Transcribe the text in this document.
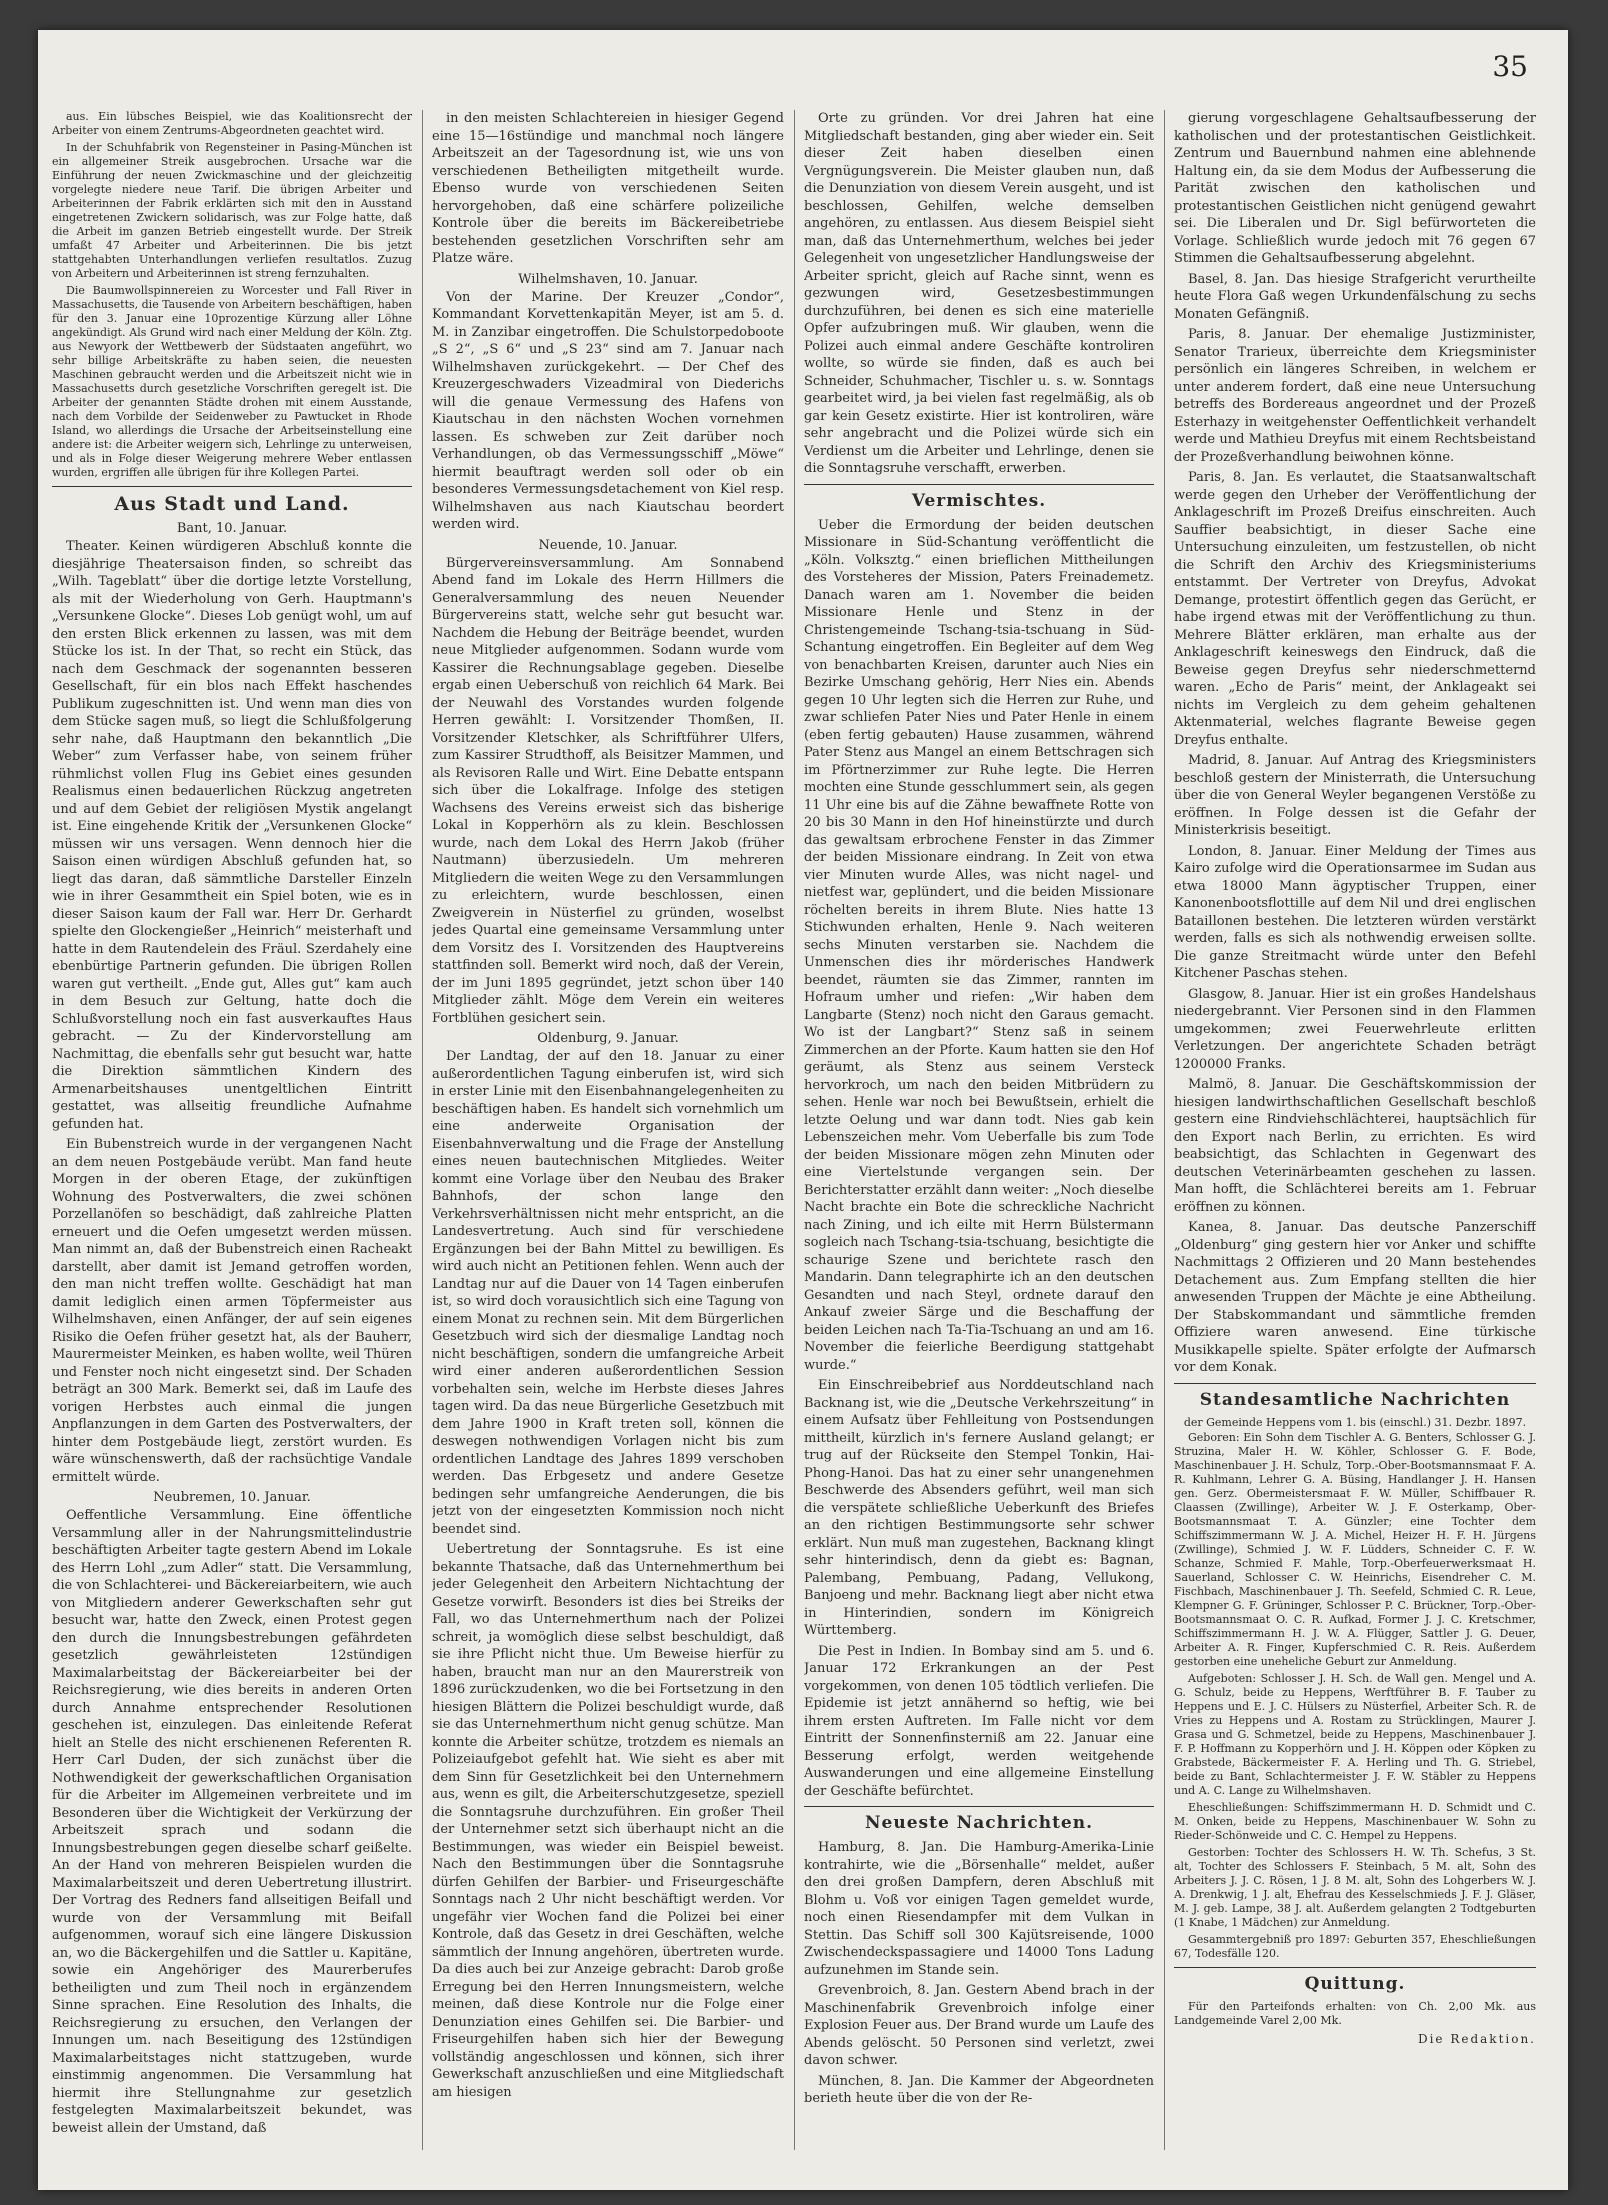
35

aus. Ein lübsches Beispiel, wie das Koalitionsrecht der Arbeiter von einem Zentrums-Abgeordneten geachtet wird.

In der Schuhfabrik von Regensteiner in Pasing-München ist ein allgemeiner Streik ausgebrochen. Ursache war die Einführung der neuen Zwickmaschine und der gleichzeitig vorgelegte niedere neue Tarif. Die übrigen Arbeiter und Arbeiterinnen der Fabrik erklärten sich mit den in Ausstand eingetretenen Zwickern solidarisch, was zur Folge hatte, daß die Arbeit im ganzen Betrieb eingestellt wurde. Der Streik umfaßt 47 Arbeiter und Arbeiterinnen. Die bis jetzt stattgehabten Unterhandlungen verliefen resultatlos. Zuzug von Arbeitern und Arbeiterinnen ist streng fernzuhalten.

Die Baumwollspinnereien zu Worcester und Fall River in Massachusetts, die Tausende von Arbeitern beschäftigen, haben für den 3. Januar eine 10prozentige Kürzung aller Löhne angekündigt. Als Grund wird nach einer Meldung der Köln. Ztg. aus Newyork der Wettbewerb der Südstaaten angeführt, wo sehr billige Arbeitskräfte zu haben seien, die neuesten Maschinen gebraucht werden und die Arbeitszeit nicht wie in Massachusetts durch gesetzliche Vorschriften geregelt ist. Die Arbeiter der genannten Städte drohen mit einem Ausstande, nach dem Vorbilde der Seidenweber zu Pawtucket in Rhode Island, wo allerdings die Ursache der Arbeitseinstellung eine andere ist: die Arbeiter weigern sich, Lehrlinge zu unterweisen, und als in Folge dieser Weigerung mehrere Weber entlassen wurden, ergriffen alle übrigen für ihre Kollegen Partei.

Aus Stadt und Land.
Bant, 10. Januar.

Theater. Keinen würdigeren Abschluß konnte die diesjährige Theatersaison finden, so schreibt das „Wilh. Tageblatt“ über die dortige letzte Vorstellung, als mit der Wiederholung von Gerh. Hauptmann's „Versunkene Glocke“. Dieses Lob genügt wohl, um auf den ersten Blick erkennen zu lassen, was mit dem Stücke los ist. In der That, so recht ein Stück, das nach dem Geschmack der sogenannten besseren Gesellschaft, für ein blos nach Effekt haschendes Publikum zugeschnitten ist. Und wenn man dies von dem Stücke sagen muß, so liegt die Schlußfolgerung sehr nahe, daß Hauptmann den bekanntlich „Die Weber“ zum Verfasser habe, von seinem früher rühmlichst vollen Flug ins Gebiet eines gesunden Realismus einen bedauerlichen Rückzug angetreten und auf dem Gebiet der religiösen Mystik angelangt ist. Eine eingehende Kritik der „Versunkenen Glocke“ müssen wir uns versagen. Wenn dennoch hier die Saison einen würdigen Abschluß gefunden hat, so liegt das daran, daß sämmtliche Darsteller Einzeln wie in ihrer Gesammtheit ein Spiel boten, wie es in dieser Saison kaum der Fall war. Herr Dr. Gerhardt spielte den Glockengießer „Heinrich“ meisterhaft und hatte in dem Rautendelein des Fräul. Szerdahely eine ebenbürtige Partnerin gefunden. Die übrigen Rollen waren gut vertheilt. „Ende gut, Alles gut“ kam auch in dem Besuch zur Geltung, hatte doch die Schlußvorstellung noch ein fast ausverkauftes Haus gebracht. — Zu der Kindervorstellung am Nachmittag, die ebenfalls sehr gut besucht war, hatte die Direktion sämmtlichen Kindern des Armenarbeitshauses unentgeltlichen Eintritt gestattet, was allseitig freundliche Aufnahme gefunden hat.

Ein Bubenstreich wurde in der vergangenen Nacht an dem neuen Postgebäude verübt. Man fand heute Morgen in der oberen Etage, der zukünftigen Wohnung des Postverwalters, die zwei schönen Porzellanöfen so beschädigt, daß zahlreiche Platten erneuert und die Oefen umgesetzt werden müssen. Man nimmt an, daß der Bubenstreich einen Racheakt darstellt, aber damit ist Jemand getroffen worden, den man nicht treffen wollte. Geschädigt hat man damit lediglich einen armen Töpfermeister aus Wilhelmshaven, einen Anfänger, der auf sein eigenes Risiko die Oefen früher gesetzt hat, als der Bauherr, Maurermeister Meinken, es haben wollte, weil Thüren und Fenster noch nicht eingesetzt sind. Der Schaden beträgt an 300 Mark. Bemerkt sei, daß im Laufe des vorigen Herbstes auch einmal die jungen Anpflanzungen in dem Garten des Postverwalters, der hinter dem Postgebäude liegt, zerstört wurden. Es wäre wünschenswerth, daß der rachsüchtige Vandale ermittelt würde.

Neubremen, 10. Januar.

Oeffentliche Versammlung. Eine öffentliche Versammlung aller in der Nahrungsmittelindustrie beschäftigten Arbeiter tagte gestern Abend im Lokale des Herrn Lohl „zum Adler“ statt. Die Versammlung, die von Schlachterei- und Bäckereiarbeitern, wie auch von Mitgliedern anderer Gewerkschaften sehr gut besucht war, hatte den Zweck, einen Protest gegen den durch die Innungsbestrebungen gefährdeten gesetzlich gewährleisteten 12stündigen Maximalarbeitstag der Bäckereiarbeiter bei der Reichsregierung, wie dies bereits in anderen Orten durch Annahme entsprechender Resolutionen geschehen ist, einzulegen. Das einleitende Referat hielt an Stelle des nicht erschienenen Referenten R. Herr Carl Duden, der sich zunächst über die Nothwendigkeit der gewerkschaftlichen Organisation für die Arbeiter im Allgemeinen verbreitete und im Besonderen über die Wichtigkeit der Verkürzung der Arbeitszeit sprach und sodann die Innungsbestrebungen gegen dieselbe scharf geißelte. An der Hand von mehreren Beispielen wurden die Maximalarbeitszeit und deren Uebertretung illustrirt. Der Vortrag des Redners fand allseitigen Beifall und wurde von der Versammlung mit Beifall aufgenommen, worauf sich eine längere Diskussion an, wo die Bäckergehilfen und die Sattler u. Kapitäne, sowie ein Angehöriger des Maurerberufes betheiligten und zum Theil noch in ergänzendem Sinne sprachen. Eine Resolution des Inhalts, die Reichsregierung zu ersuchen, den Verlangen der Innungen um. nach Beseitigung des 12stündigen Maximalarbeitstages nicht stattzugeben, wurde einstimmig angenommen. Die Versammlung hat hiermit ihre Stellungnahme zur gesetzlich festgelegten Maximalarbeitszeit bekundet, was beweist allein der Umstand, daß

in den meisten Schlachtereien in hiesiger Gegend eine 15—16stündige und manchmal noch längere Arbeitszeit an der Tagesordnung ist, wie uns von verschiedenen Betheiligten mitgetheilt wurde. Ebenso wurde von verschiedenen Seiten hervorgehoben, daß eine schärfere polizeiliche Kontrole über die bereits im Bäckereibetriebe bestehenden gesetzlichen Vorschriften sehr am Platze wäre.

Wilhelmshaven, 10. Januar.

Von der Marine. Der Kreuzer „Condor“, Kommandant Korvettenkapitän Meyer, ist am 5. d. M. in Zanzibar eingetroffen. Die Schulstorpedoboote „S 2“, „S 6“ und „S 23“ sind am 7. Januar nach Wilhelmshaven zurückgekehrt. — Der Chef des Kreuzergeschwaders Vizeadmiral von Diederichs will die genaue Vermessung des Hafens von Kiautschau in den nächsten Wochen vornehmen lassen. Es schweben zur Zeit darüber noch Verhandlungen, ob das Vermessungsschiff „Möwe“ hiermit beauftragt werden soll oder ob ein besonderes Vermessungsdetachement von Kiel resp. Wilhelmshaven aus nach Kiautschau beordert werden wird.

Neuende, 10. Januar.

Bürgervereinsversammlung. Am Sonnabend Abend fand im Lokale des Herrn Hillmers die Generalversammlung des neuen Neuender Bürgervereins statt, welche sehr gut besucht war. Nachdem die Hebung der Beiträge beendet, wurden neue Mitglieder aufgenommen. Sodann wurde vom Kassirer die Rechnungsablage gegeben. Dieselbe ergab einen Ueberschuß von reichlich 64 Mark. Bei der Neuwahl des Vorstandes wurden folgende Herren gewählt: I. Vorsitzender Thomßen, II. Vorsitzender Kletschker, als Schriftführer Ulfers, zum Kassirer Strudthoff, als Beisitzer Mammen, und als Revisoren Ralle und Wirt. Eine Debatte entspann sich über die Lokalfrage. Infolge des stetigen Wachsens des Vereins erweist sich das bisherige Lokal in Kopperhörn als zu klein. Beschlossen wurde, nach dem Lokal des Herrn Jakob (früher Nautmann) überzusiedeln. Um mehreren Mitgliedern die weiten Wege zu den Versammlungen zu erleichtern, wurde beschlossen, einen Zweigverein in Nüsterfiel zu gründen, woselbst jedes Quartal eine gemeinsame Versammlung unter dem Vorsitz des I. Vorsitzenden des Hauptvereins stattfinden soll. Bemerkt wird noch, daß der Verein, der im Juni 1895 gegründet, jetzt schon über 140 Mitglieder zählt. Möge dem Verein ein weiteres Fortblühen gesichert sein.

Oldenburg, 9. Januar.

Der Landtag, der auf den 18. Januar zu einer außerordentlichen Tagung einberufen ist, wird sich in erster Linie mit den Eisenbahnangelegenheiten zu beschäftigen haben. Es handelt sich vornehmlich um eine anderweite Organisation der Eisenbahnverwaltung und die Frage der Anstellung eines neuen bautechnischen Mitgliedes. Weiter kommt eine Vorlage über den Neubau des Braker Bahnhofs, der schon lange den Verkehrsverhältnissen nicht mehr entspricht, an die Landesvertretung. Auch sind für verschiedene Ergänzungen bei der Bahn Mittel zu bewilligen. Es wird auch nicht an Petitionen fehlen. Wenn auch der Landtag nur auf die Dauer von 14 Tagen einberufen ist, so wird doch vorausichtlich sich eine Tagung von einem Monat zu rechnen sein. Mit dem Bürgerlichen Gesetzbuch wird sich der diesmalige Landtag noch nicht beschäftigen, sondern die umfangreiche Arbeit wird einer anderen außerordentlichen Session vorbehalten sein, welche im Herbste dieses Jahres tagen wird. Da das neue Bürgerliche Gesetzbuch mit dem Jahre 1900 in Kraft treten soll, können die deswegen nothwendigen Vorlagen nicht bis zum ordentlichen Landtage des Jahres 1899 verschoben werden. Das Erbgesetz und andere Gesetze bedingen sehr umfangreiche Aenderungen, die bis jetzt von der eingesetzten Kommission noch nicht beendet sind.

Uebertretung der Sonntagsruhe. Es ist eine bekannte Thatsache, daß das Unternehmerthum bei jeder Gelegenheit den Arbeitern Nichtachtung der Gesetze vorwirft. Besonders ist dies bei Streiks der Fall, wo das Unternehmerthum nach der Polizei schreit, ja womöglich diese selbst beschuldigt, daß sie ihre Pflicht nicht thue. Um Beweise hierfür zu haben, braucht man nur an den Maurerstreik von 1896 zurückzudenken, wo die bei Fortsetzung in den hiesigen Blättern die Polizei beschuldigt wurde, daß sie das Unternehmerthum nicht genug schütze. Man konnte die Arbeiter schütze, trotzdem es niemals an Polizeiaufgebot gefehlt hat. Wie sieht es aber mit dem Sinn für Gesetzlichkeit bei den Unternehmern aus, wenn es gilt, die Arbeiterschutzgesetze, speziell die Sonntagsruhe durchzuführen. Ein großer Theil der Unternehmer setzt sich überhaupt nicht an die Bestimmungen, was wieder ein Beispiel beweist. Nach den Bestimmungen über die Sonntagsruhe dürfen Gehilfen der Barbier- und Friseurgeschäfte Sonntags nach 2 Uhr nicht beschäftigt werden. Vor ungefähr vier Wochen fand die Polizei bei einer Kontrole, daß das Gesetz in drei Geschäften, welche sämmtlich der Innung angehören, übertreten wurde. Da dies auch bei zur Anzeige gebracht: Darob große Erregung bei den Herren Innungsmeistern, welche meinen, daß diese Kontrole nur die Folge einer Denunziation eines Gehilfen sei. Die Barbier- und Friseurgehilfen haben sich hier der Bewegung vollständig angeschlossen und können, sich ihrer Gewerkschaft anzuschließen und eine Mitgliedschaft am hiesigen

Orte zu gründen. Vor drei Jahren hat eine Mitgliedschaft bestanden, ging aber wieder ein. Seit dieser Zeit haben dieselben einen Vergnügungsverein. Die Meister glauben nun, daß die Denunziation von diesem Verein ausgeht, und ist beschlossen, Gehilfen, welche demselben angehören, zu entlassen. Aus diesem Beispiel sieht man, daß das Unternehmerthum, welches bei jeder Gelegenheit von ungesetzlicher Handlungsweise der Arbeiter spricht, gleich auf Rache sinnt, wenn es gezwungen wird, Gesetzesbestimmungen durchzuführen, bei denen es sich eine materielle Opfer aufzubringen muß. Wir glauben, wenn die Polizei auch einmal andere Geschäfte kontroliren wollte, so würde sie finden, daß es auch bei Schneider, Schuhmacher, Tischler u. s. w. Sonntags gearbeitet wird, ja bei vielen fast regelmäßig, als ob gar kein Gesetz existirte. Hier ist kontroliren, wäre sehr angebracht und die Polizei würde sich ein Verdienst um die Arbeiter und Lehrlinge, denen sie die Sonntagsruhe verschafft, erwerben.

Vermischtes.

Ueber die Ermordung der beiden deutschen Missionare in Süd-Schantung veröffentlicht die „Köln. Volksztg.“ einen brieflichen Mittheilungen des Vorsteheres der Mission, Paters Freinademetz. Danach waren am 1. November die beiden Missionare Henle und Stenz in der Christengemeinde Tschang-tsia-tschuang in Süd-Schantung eingetroffen. Ein Begleiter auf dem Weg von benachbarten Kreisen, darunter auch Nies ein Bezirke Umschang gehörig, Herr Nies ein. Abends gegen 10 Uhr legten sich die Herren zur Ruhe, und zwar schliefen Pater Nies und Pater Henle in einem (eben fertig gebauten) Hause zusammen, während Pater Stenz aus Mangel an einem Bettschragen sich im Pförtnerzimmer zur Ruhe legte. Die Herren mochten eine Stunde gesschlummert sein, als gegen 11 Uhr eine bis auf die Zähne bewaffnete Rotte von 20 bis 30 Mann in den Hof hineinstürzte und durch das gewaltsam erbrochene Fenster in das Zimmer der beiden Missionare eindrang. In Zeit von etwa vier Minuten wurde Alles, was nicht nagel- und nietfest war, geplündert, und die beiden Missionare röchelten bereits in ihrem Blute. Nies hatte 13 Stichwunden erhalten, Henle 9. Nach weiteren sechs Minuten verstarben sie. Nachdem die Unmenschen dies ihr mörderisches Handwerk beendet, räumten sie das Zimmer, rannten im Hofraum umher und riefen: „Wir haben dem Langbarte (Stenz) noch nicht den Garaus gemacht. Wo ist der Langbart?“ Stenz saß in seinem Zimmerchen an der Pforte. Kaum hatten sie den Hof geräumt, als Stenz aus seinem Versteck hervorkroch, um nach den beiden Mitbrüdern zu sehen. Henle war noch bei Bewußtsein, erhielt die letzte Oelung und war dann todt. Nies gab kein Lebenszeichen mehr. Vom Ueberfalle bis zum Tode der beiden Missionare mögen zehn Minuten oder eine Viertelstunde vergangen sein. Der Berichterstatter erzählt dann weiter: „Noch dieselbe Nacht brachte ein Bote die schreckliche Nachricht nach Zining, und ich eilte mit Herrn Bülstermann sogleich nach Tschang-tsia-tschuang, besichtigte die schaurige Szene und berichtete rasch den Mandarin. Dann telegraphirte ich an den deutschen Gesandten und nach Steyl, ordnete darauf den Ankauf zweier Särge und die Beschaffung der beiden Leichen nach Ta-Tia-Tschuang an und am 16. November die feierliche Beerdigung stattgehabt wurde.“

Ein Einschreibebrief aus Norddeutschland nach Backnang ist, wie die „Deutsche Verkehrszeitung“ in einem Aufsatz über Fehlleitung von Postsendungen mittheilt, kürzlich in's fernere Ausland gelangt; er trug auf der Rückseite den Stempel Tonkin, Hai-Phong-Hanoi. Das hat zu einer sehr unangenehmen Beschwerde des Absenders geführt, weil man sich die verspätete schließliche Ueberkunft des Briefes an den richtigen Bestimmungsorte sehr schwer erklärt. Nun muß man zugestehen, Backnang klingt sehr hinterindisch, denn da giebt es: Bagnan, Palembang, Pembuang, Padang, Vellukong, Banjoeng und mehr. Backnang liegt aber nicht etwa in Hinterindien, sondern im Königreich Württemberg.

Die Pest in Indien. In Bombay sind am 5. und 6. Januar 172 Erkrankungen an der Pest vorgekommen, von denen 105 tödtlich verliefen. Die Epidemie ist jetzt annähernd so heftig, wie bei ihrem ersten Auftreten. Im Falle nicht vor dem Eintritt der Sonnenfinsterniß am 22. Januar eine Besserung erfolgt, werden weitgehende Auswanderungen und eine allgemeine Einstellung der Geschäfte befürchtet.

Neueste Nachrichten.

Hamburg, 8. Jan. Die Hamburg-Amerika-Linie kontrahirte, wie die „Börsenhalle“ meldet, außer den drei großen Dampfern, deren Abschluß mit Blohm u. Voß vor einigen Tagen gemeldet wurde, noch einen Riesendampfer mit dem Vulkan in Stettin. Das Schiff soll 300 Kajütsreisende, 1000 Zwischendeckspassagiere und 14000 Tons Ladung aufzunehmen im Stande sein.

Grevenbroich, 8. Jan. Gestern Abend brach in der Maschinenfabrik Grevenbroich infolge einer Explosion Feuer aus. Der Brand wurde um Laufe des Abends gelöscht. 50 Personen sind verletzt, zwei davon schwer.

München, 8. Jan. Die Kammer der Abgeordneten berieth heute über die von der Re-

gierung vorgeschlagene Gehaltsaufbesserung der katholischen und der protestantischen Geistlichkeit. Zentrum und Bauernbund nahmen eine ablehnende Haltung ein, da sie dem Modus der Aufbesserung die Parität zwischen den katholischen und protestantischen Geistlichen nicht genügend gewahrt sei. Die Liberalen und Dr. Sigl befürworteten die Vorlage. Schließlich wurde jedoch mit 76 gegen 67 Stimmen die Gehaltsaufbesserung abgelehnt.

Basel, 8. Jan. Das hiesige Strafgericht verurtheilte heute Flora Gaß wegen Urkundenfälschung zu sechs Monaten Gefängniß.

Paris, 8. Januar. Der ehemalige Justizminister, Senator Trarieux, überreichte dem Kriegsminister persönlich ein längeres Schreiben, in welchem er unter anderem fordert, daß eine neue Untersuchung betreffs des Bordereaus angeordnet und der Prozeß Esterhazy in weitgehenster Oeffentlichkeit verhandelt werde und Mathieu Dreyfus mit einem Rechtsbeistand der Prozeßverhandlung beiwohnen könne.

Paris, 8. Jan. Es verlautet, die Staatsanwaltschaft werde gegen den Urheber der Veröffentlichung der Anklageschrift im Prozeß Dreifus einschreiten. Auch Sauffier beabsichtigt, in dieser Sache eine Untersuchung einzuleiten, um festzustellen, ob nicht die Schrift den Archiv des Kriegsministeriums entstammt. Der Vertreter von Dreyfus, Advokat Demange, protestirt öffentlich gegen das Gerücht, er habe irgend etwas mit der Veröffentlichung zu thun. Mehrere Blätter erklären, man erhalte aus der Anklageschrift keineswegs den Eindruck, daß die Beweise gegen Dreyfus sehr niederschmetternd waren. „Echo de Paris“ meint, der Anklageakt sei nichts im Vergleich zu dem geheim gehaltenen Aktenmaterial, welches flagrante Beweise gegen Dreyfus enthalte.

Madrid, 8. Januar. Auf Antrag des Kriegsministers beschloß gestern der Ministerrath, die Untersuchung über die von General Weyler begangenen Verstöße zu eröffnen. In Folge dessen ist die Gefahr der Ministerkrisis beseitigt.

London, 8. Januar. Einer Meldung der Times aus Kairo zufolge wird die Operationsarmee im Sudan aus etwa 18000 Mann ägyptischer Truppen, einer Kanonenbootsflottille auf dem Nil und drei englischen Bataillonen bestehen. Die letzteren würden verstärkt werden, falls es sich als nothwendig erweisen sollte. Die ganze Streitmacht würde unter den Befehl Kitchener Paschas stehen.

Glasgow, 8. Januar. Hier ist ein großes Handelshaus niedergebrannt. Vier Personen sind in den Flammen umgekommen; zwei Feuerwehrleute erlitten Verletzungen. Der angerichtete Schaden beträgt 1200000 Franks.

Malmö, 8. Januar. Die Geschäftskommission der hiesigen landwirthschaftlichen Gesellschaft beschloß gestern eine Rindviehschlächterei, hauptsächlich für den Export nach Berlin, zu errichten. Es wird beabsichtigt, das Schlachten in Gegenwart des deutschen Veterinärbeamten geschehen zu lassen. Man hofft, die Schlächterei bereits am 1. Februar eröffnen zu können.

Kanea, 8. Januar. Das deutsche Panzerschiff „Oldenburg“ ging gestern hier vor Anker und schiffte Nachmittags 2 Offizieren und 20 Mann bestehendes Detachement aus. Zum Empfang stellten die hier anwesenden Truppen der Mächte je eine Abtheilung. Der Stabskommandant und sämmtliche fremden Offiziere waren anwesend. Eine türkische Musikkapelle spielte. Später erfolgte der Aufmarsch vor dem Konak.

Standesamtliche Nachrichten
der Gemeinde Heppens vom 1. bis (einschl.) 31. Dezbr. 1897.

Geboren: Ein Sohn dem Tischler A. G. Benters, Schlosser G. J. Struzina, Maler H. W. Köhler, Schlosser G. F. Bode, Maschinenbauer J. H. Schulz, Torp.-Ober-Bootsmannsmaat F. A. R. Kuhlmann, Lehrer G. A. Büsing, Handlanger J. H. Hansen gen. Gerz. Obermeistersmaat F. W. Müller, Schiffbauer R. Claassen (Zwillinge), Arbeiter W. J. F. Osterkamp, Ober-Bootsmannsmaat T. A. Günzler; eine Tochter dem Schiffszimmermann W. J. A. Michel, Heizer H. F. H. Jürgens (Zwillinge), Schmied J. W. F. Lüdders, Schneider C. F. W. Schanze, Schmied F. Mahle, Torp.-Oberfeuerwerksmaat H. Sauerland, Schlosser C. W. Heinrichs, Eisendreher C. M. Fischbach, Maschinenbauer J. Th. Seefeld, Schmied C. R. Leue, Klempner G. F. Grüninger, Schlosser P. C. Brückner, Torp.-Ober-Bootsmannsmaat O. C. R. Aufkad, Former J. J. C. Kretschmer, Schiffszimmermann H. J. W. A. Flügger, Sattler J. G. Deuer, Arbeiter A. R. Finger, Kupferschmied C. R. Reis. Außerdem gestorben eine uneheliche Geburt zur Anmeldung.

Aufgeboten: Schlosser J. H. Sch. de Wall gen. Mengel und A. G. Schulz, beide zu Heppens, Werftführer B. F. Tauber zu Heppens und E. J. C. Hülsers zu Nüsterfiel, Arbeiter Sch. R. de Vries zu Heppens und A. Rostam zu Strücklingen, Maurer J. Grasa und G. Schmetzel, beide zu Heppens, Maschinenbauer J. F. P. Hoffmann zu Kopperhörn und J. H. Köppen oder Köpken zu Grabstede, Bäckermeister F. A. Herling und Th. G. Striebel, beide zu Bant, Schlachtermeister J. F. W. Stäbler zu Heppens und A. C. Lange zu Wilhelmshaven.

Eheschließungen: Schiffszimmermann H. D. Schmidt und C. M. Onken, beide zu Heppens, Maschinenbauer W. Sohn zu Rieder-Schönweide und C. C. Hempel zu Heppens.

Gestorben: Tochter des Schlossers H. W. Th. Schefus, 3 St. alt, Tochter des Schlossers F. Steinbach, 5 M. alt, Sohn des Arbeiters J. J. C. Rösen, 1 J. 8 M. alt, Sohn des Lohgerbers W. J. A. Drenkwig, 1 J. alt, Ehefrau des Kesselschmieds J. F. J. Gläser, M. J. geb. Lampe, 38 J. alt. Außerdem gelangten 2 Todtgeburten (1 Knabe, 1 Mädchen) zur Anmeldung.

Gesammtergebniß pro 1897: Geburten 357, Eheschließungen 67, Todesfälle 120.

Quittung.

Für den Parteifonds erhalten: von Ch. 2,00 Mk. aus Landgemeinde Varel 2,00 Mk.

Die Redaktion.
